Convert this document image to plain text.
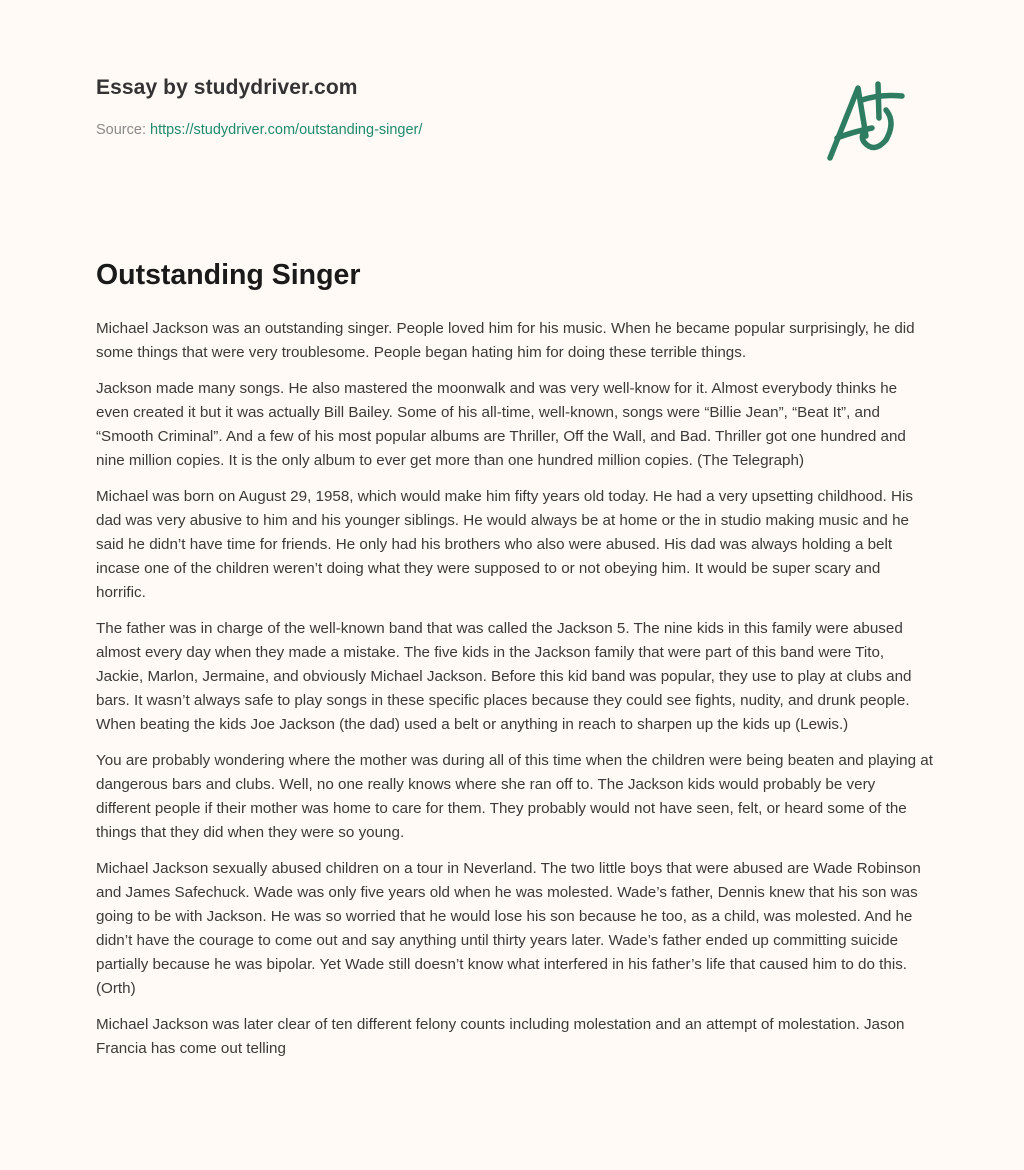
Essay by studydriver.com
Source: https://studydriver.com/outstanding-singer/
Outstanding Singer

Michael Jackson was an outstanding singer. People loved him for his music. When he became popular surprisingly, he did some things that were very troublesome. People began hating him for doing these terrible things.

Jackson made many songs. He also mastered the moonwalk and was very well-know for it. Almost everybody thinks he even created it but it was actually Bill Bailey. Some of his all-time, well-known, songs were “Billie Jean”, “Beat It”, and “Smooth Criminal”. And a few of his most popular albums are Thriller, Off the Wall, and Bad. Thriller got one hundred and nine million copies. It is the only album to ever get more than one hundred million copies. (The Telegraph)

Michael was born on August 29, 1958, which would make him fifty years old today. He had a very upsetting childhood. His dad was very abusive to him and his younger siblings. He would always be at home or the in studio making music and he said he didn’t have time for friends. He only had his brothers who also were abused. His dad was always holding a belt incase one of the children weren’t doing what they were supposed to or not obeying him. It would be super scary and horrific.

The father was in charge of the well-known band that was called the Jackson 5. The nine kids in this family were abused almost every day when they made a mistake. The five kids in the Jackson family that were part of this band were Tito, Jackie, Marlon, Jermaine, and obviously Michael Jackson. Before this kid band was popular, they use to play at clubs and bars. It wasn’t always safe to play songs in these specific places because they could see fights, nudity, and drunk people. When beating the kids Joe Jackson (the dad) used a belt or anything in reach to sharpen up the kids up (Lewis.)

You are probably wondering where the mother was during all of this time when the children were being beaten and playing at dangerous bars and clubs. Well, no one really knows where she ran off to. The Jackson kids would probably be very different people if their mother was home to care for them. They probably would not have seen, felt, or heard some of the things that they did when they were so young.

Michael Jackson sexually abused children on a tour in Neverland. The two little boys that were abused are Wade Robinson and James Safechuck. Wade was only five years old when he was molested. Wade’s father, Dennis knew that his son was going to be with Jackson. He was so worried that he would lose his son because he too, as a child, was molested. And he didn’t have the courage to come out and say anything until thirty years later. Wade’s father ended up committing suicide partially because he was bipolar. Yet Wade still doesn’t know what interfered in his father’s life that caused him to do this. (Orth)

Michael Jackson was later clear of ten different felony counts including molestation and an attempt of molestation. Jason Francia has come out telling
